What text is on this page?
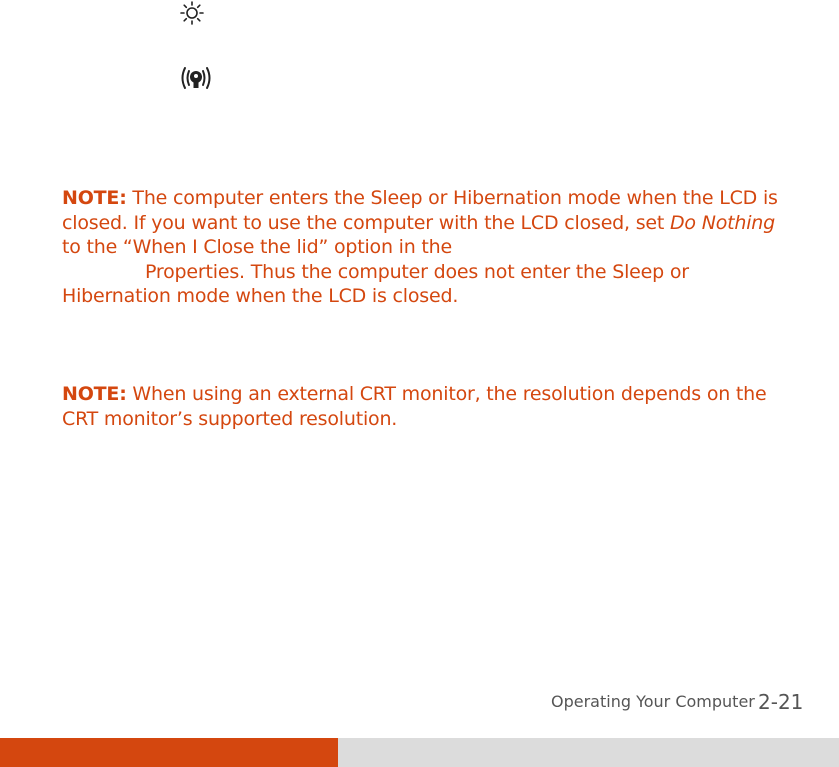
NOTE: The computer enters the Sleep or Hibernation mode when the LCD is
closed. If you want to use the computer with the LCD closed, set Do Nothing
to the “When I Close the lid” option in the
Properties. Thus the computer does not enter the Sleep or
Hibernation mode when the LCD is closed.
NOTE: When using an external CRT monitor, the resolution depends on the
CRT monitor’s supported resolution.
Operating Your Computer 2-21
